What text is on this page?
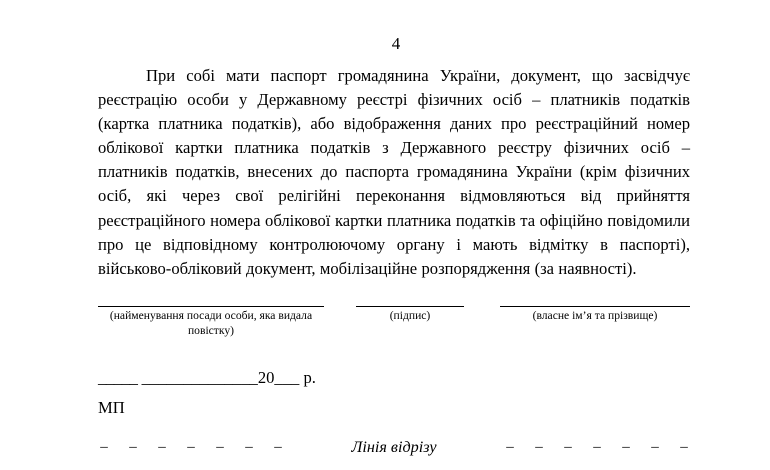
4

При собі мати паспорт громадянина України, документ, що засвідчує реєстрацію особи у Державному реєстрі фізичних осіб – платників податків (картка платника податків), або відображення даних про реєстраційний номер облікової картки платника податків з Державного реєстру фізичних осіб – платників податків, внесених до паспорта громадянина України (крім фізичних осіб, які через свої релігійні переконання відмовляються від прийняття реєстраційного номера облікової картки платника податків та офіційно повідомили про це відповідному контролюючому органу і мають відмітку в паспорті), військово-обліковий документ, мобілізаційне розпорядження (за наявності).

(найменування посади особи, яка видала повістку)
(підпис)	(власне ім’я та прізвище)
_____ ______________20___ р.
МП
– – – – – – –	Лінія відрізу	– – – – – – –
